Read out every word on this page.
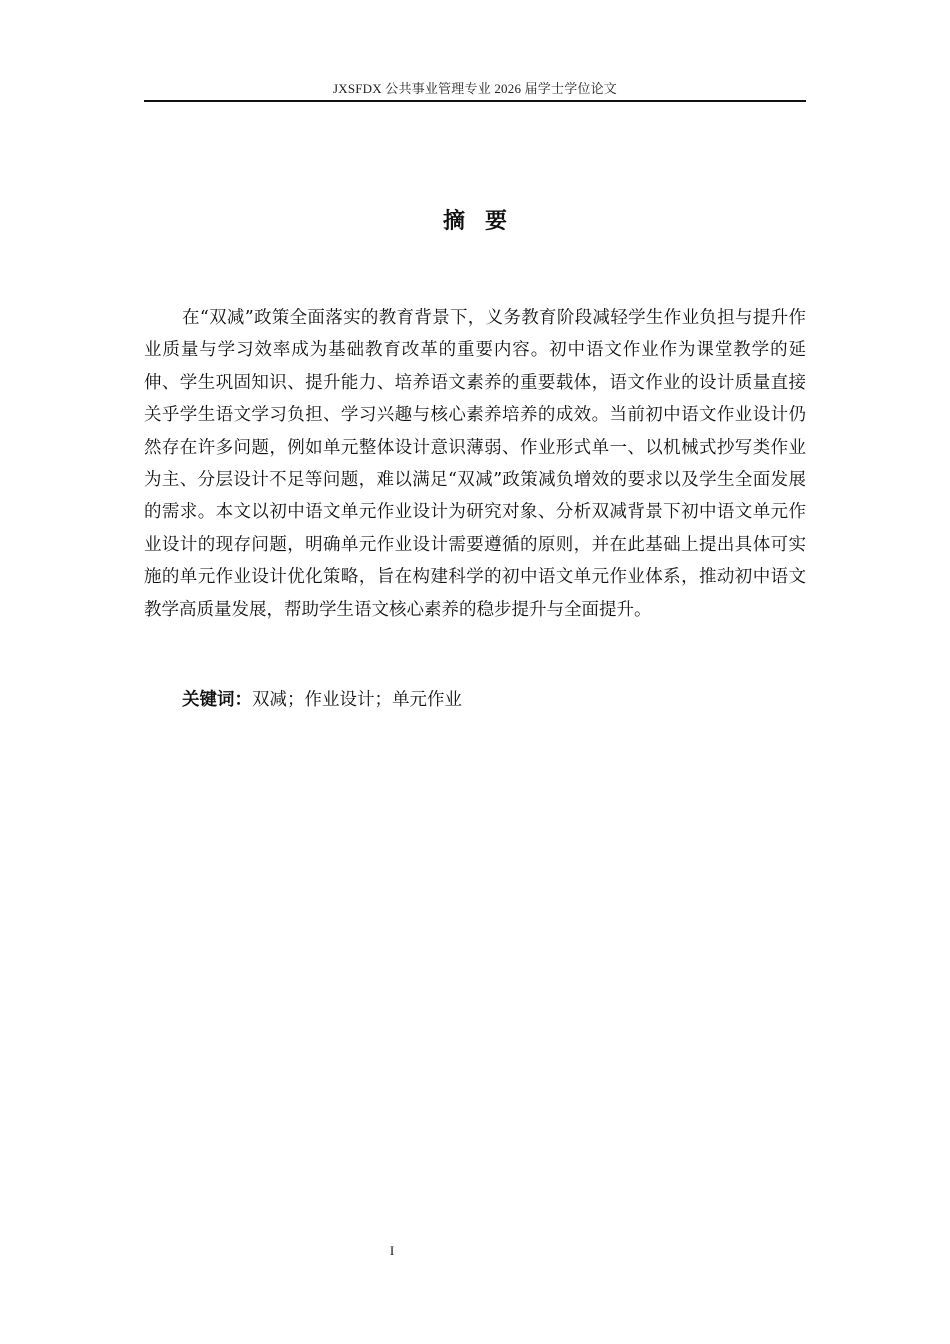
JXSFDX 公共事业管理专业 2026 届学士学位论文
摘要

在“双减”政策全面落实的教育背景下，义务教育阶段减轻学生作业负担与提升作业质量与学习效率成为基础教育改革的重要内容。初中语文作业作为课堂教学的延伸、学生巩固知识、提升能力、培养语文素养的重要载体，语文作业的设计质量直接关乎学生语文学习负担、学习兴趣与核心素养培养的成效。当前初中语文作业设计仍然存在许多问题，例如单元整体设计意识薄弱、作业形式单一、以机械式抄写类作业为主、分层设计不足等问题，难以满足“双减”政策减负增效的要求以及学生全面发展的需求。本文以初中语文单元作业设计为研究对象、分析双减背景下初中语文单元作业设计的现存问题，明确单元作业设计需要遵循的原则，并在此基础上提出具体可实施的单元作业设计优化策略，旨在构建科学的初中语文单元作业体系，推动初中语文教学高质量发展，帮助学生语文核心素养的稳步提升与全面提升。

关键词：双减；作业设计；单元作业
I
